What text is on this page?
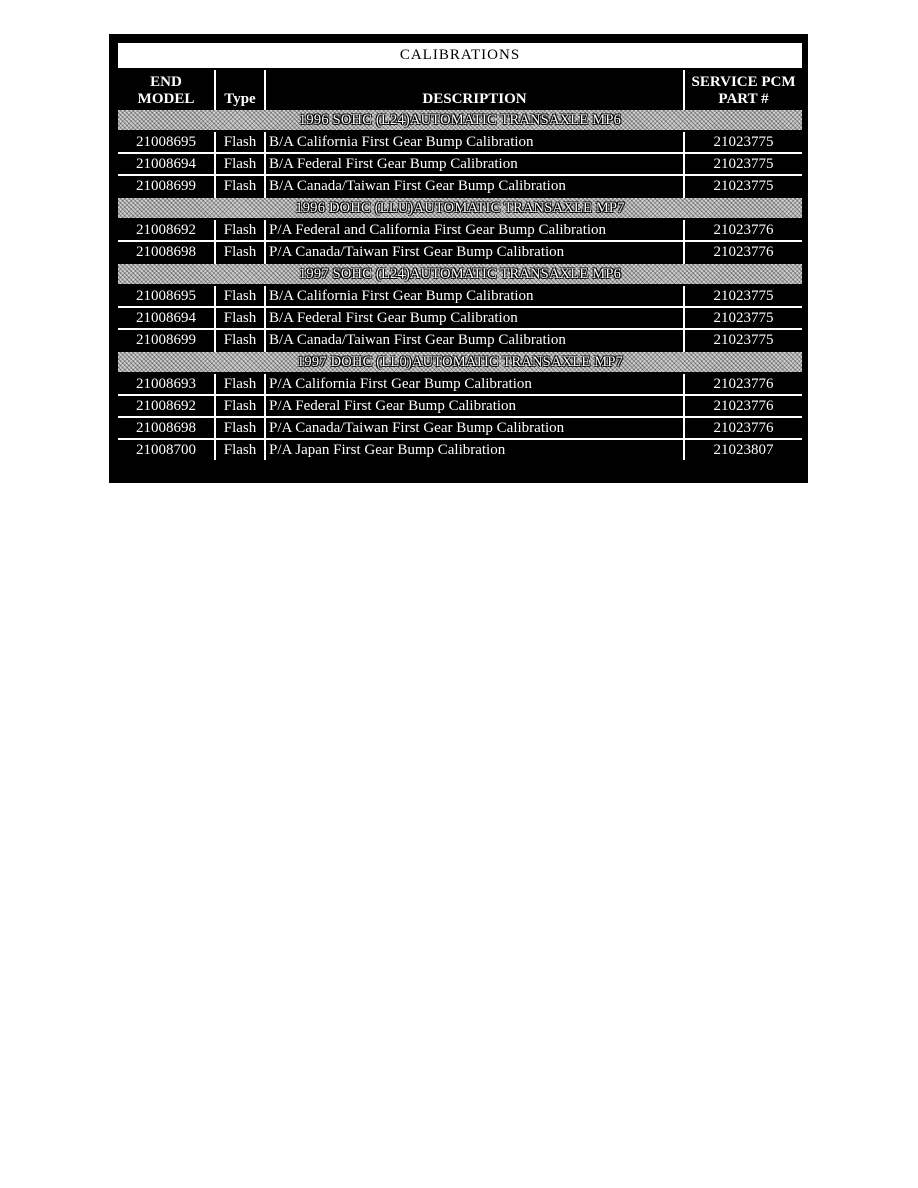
CALIBRATIONS			

END MODEL	Type	DESCRIPTION	SERVICE PCM PART #

1996 SOHC (L24)AUTOMATIC TRANSAXLE MP6			
21008695	Flash	B/A California First Gear Bump Calibration	21023775
21008694	Flash	B/A Federal First Gear Bump Calibration	21023775
21008699	Flash	B/A Canada/Taiwan First Gear Bump Calibration	21023775
1996 DOHC (LLU)AUTOMATIC TRANSAXLE MP7			
21008692	Flash	P/A Federal and California First Gear Bump Calibration	21023776
21008698	Flash	P/A Canada/Taiwan First Gear Bump Calibration	21023776
1997 SOHC (L24)AUTOMATIC TRANSAXLE MP6			
21008695	Flash	B/A California First Gear Bump Calibration	21023775
21008694	Flash	B/A Federal First Gear Bump Calibration	21023775
21008699	Flash	B/A Canada/Taiwan First Gear Bump Calibration	21023775
1997 DOHC (LL0)AUTOMATIC TRANSAXLE MP7			
21008693	Flash	P/A California First Gear Bump Calibration	21023776
21008692	Flash	P/A Federal First Gear Bump Calibration	21023776
21008698	Flash	P/A Canada/Taiwan First Gear Bump Calibration	21023776
21008700	Flash	P/A Japan First Gear Bump Calibration	21023807
